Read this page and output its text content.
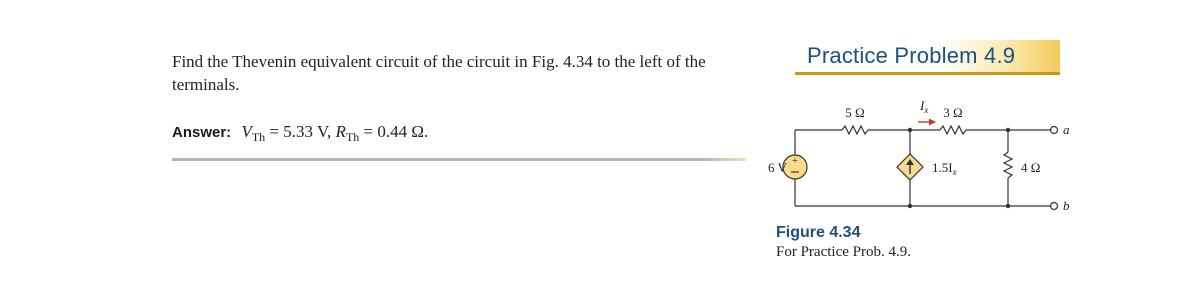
Find the Thevenin equivalent circuit of the circuit in Fig. 4.34 to the left of the terminals.
Answer: $V_{Th} = 5.33$ V, $R_{Th} = 0.44$ Ω.
Practice Problem 4.9
+
5 Ω	3 Ω
$I_x$
6 V	$1.5I_x$	4 Ω
a
b
Figure 4.34
For Practice Prob. 4.9.
